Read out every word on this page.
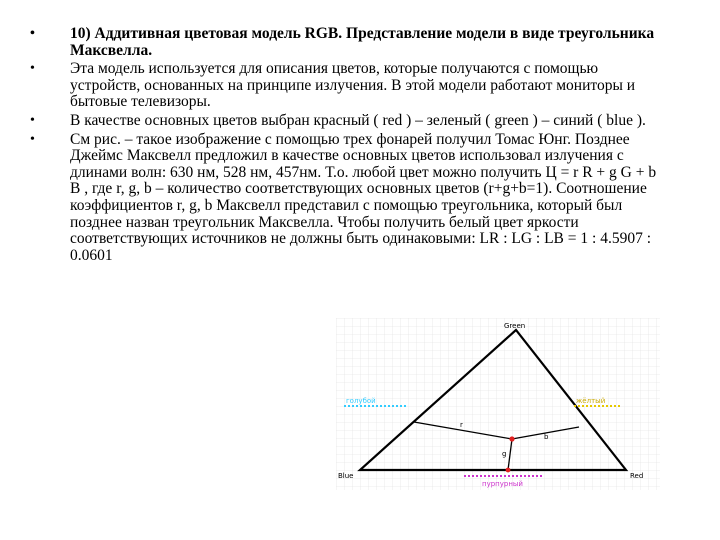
• 10) Аддитивная цветовая модель RGB. Представление модели в виде треугольника Максвелла.
• Эта модель используется для описания цветов, которые получаются с помощью устройств, основанных на принципе излучения. В этой модели работают мониторы и бытовые телевизоры.
• В качестве основных цветов выбран красный ( red ) – зеленый ( green ) – синий ( blue ).
• См рис. – такое изображение с помощью трех фонарей получил Томас Юнг. Позднее Джеймс Максвелл предложил в качестве основных цветов использовал излучения с длинами волн: 630 нм, 528 нм, 457нм. Т.о. любой цвет можно получить Ц = r R + g G + b B , где r, g, b – количество соответствующих основных цветов (r+g+b=1). Соотношение коэффициентов r, g, b Максвелл представил с помощью треугольника, который был позднее назван треугольник Максвелла. Чтобы получить белый цвет яркости соответствующих источников не должны быть одинаковыми: LR : LG : LB = 1 : 4.5907 : 0.0601
Green
Blue	Red
r
b
g
голубой	жёлтый
пурпурный
